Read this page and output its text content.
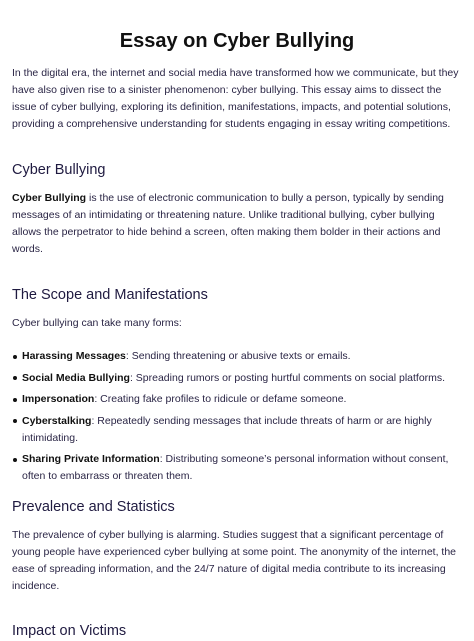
Essay on Cyber Bullying

In the digital era, the internet and social media have transformed how we communicate, but they have also given rise to a sinister phenomenon: cyber bullying. This essay aims to dissect the issue of cyber bullying, exploring its definition, manifestations, impacts, and potential solutions, providing a comprehensive understanding for students engaging in essay writing competitions.

Cyber Bullying

Cyber Bullying is the use of electronic communication to bully a person, typically by sending messages of an intimidating or threatening nature. Unlike traditional bullying, cyber bullying allows the perpetrator to hide behind a screen, often making them bolder in their actions and words.

The Scope and Manifestations

Cyber bullying can take many forms:

Harassing Messages: Sending threatening or abusive texts or emails.
Social Media Bullying: Spreading rumors or posting hurtful comments on social platforms.
Impersonation: Creating fake profiles to ridicule or defame someone.
Cyberstalking: Repeatedly sending messages that include threats of harm or are highly intimidating.
Sharing Private Information: Distributing someone’s personal information without consent, often to embarrass or threaten them.
Prevalence and Statistics

The prevalence of cyber bullying is alarming. Studies suggest that a significant percentage of young people have experienced cyber bullying at some point. The anonymity of the internet, the ease of spreading information, and the 24/7 nature of digital media contribute to its increasing incidence.

Impact on Victims
